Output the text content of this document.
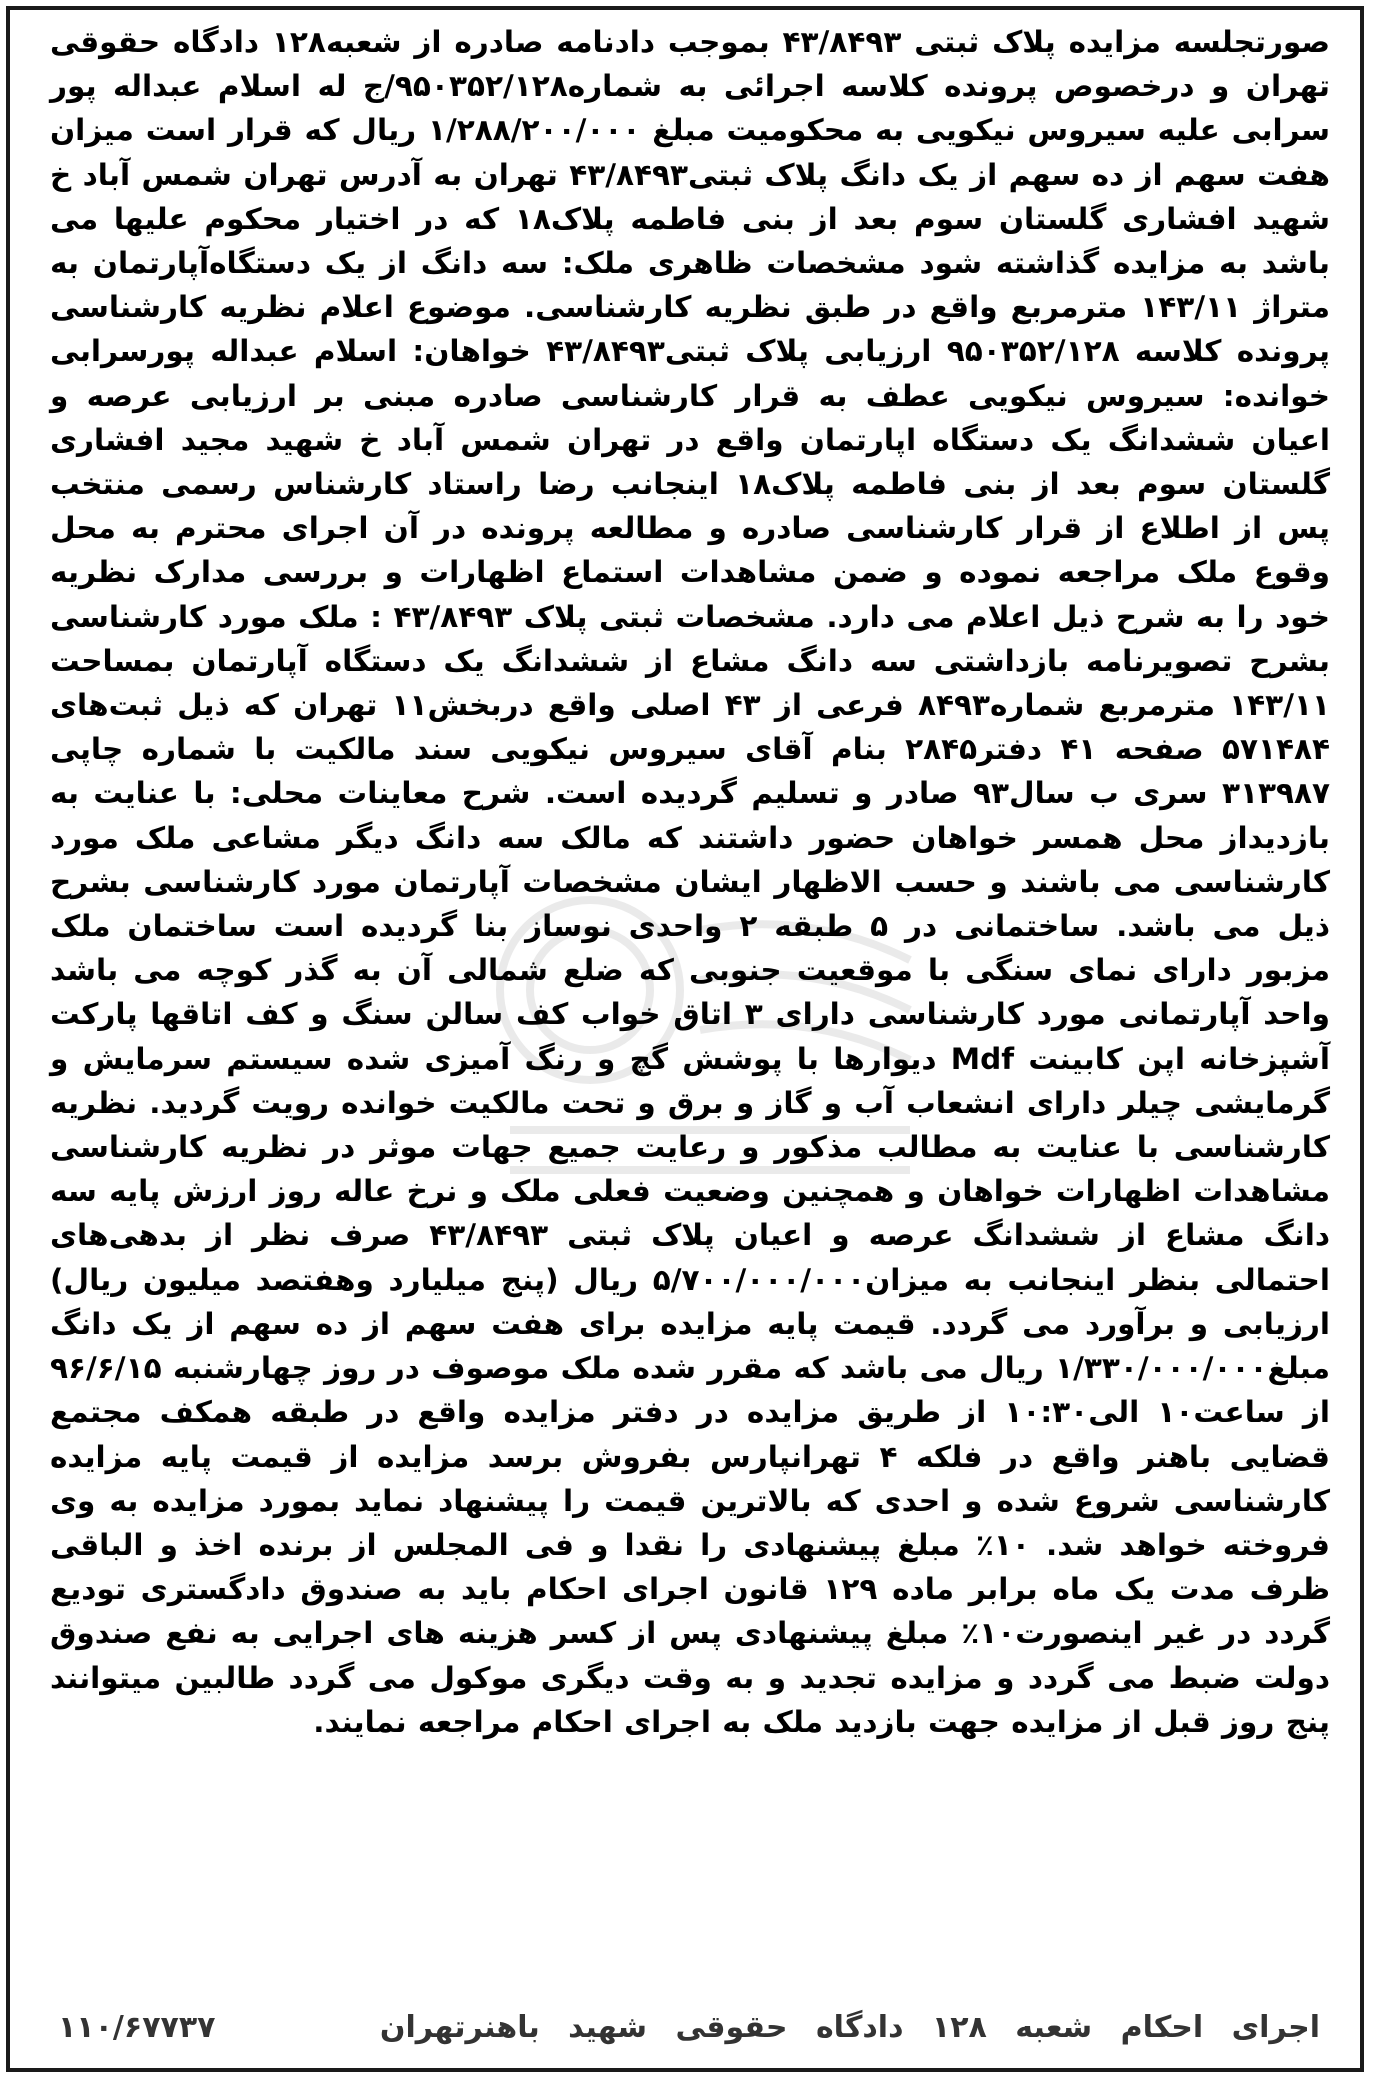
صورتجلسه مزایده پلاک ثبتی ۴۳/۸۴۹۳ بموجب دادنامه صادره از شعبه۱۲۸ دادگاه حقوقی تهران و درخصوص پرونده کلاسه اجرائی به شماره۹۵۰۳۵۲/۱۲۸/ج له اسلام عبداله پور سرابی علیه سیروس نیکویی به محکومیت مبلغ ۱/۲۸۸/۲۰۰/۰۰۰ ریال که قرار است میزان هفت سهم از ده سهم از یک دانگ پلاک ثبتی۴۳/۸۴۹۳ تهران به آدرس تهران شمس آباد خ شهید افشاری گلستان سوم بعد از بنی فاطمه پلاک۱۸ که در اختیار محکوم علیها می باشد به مزایده گذاشته شود مشخصات ظاهری ملک: سه دانگ از یک دستگاه‌آپارتمان به متراژ ۱۴۳/۱۱ مترمربع واقع در طبق نظریه کارشناسی. موضوع اعلام نظریه کارشناسی پرونده کلاسه ۹۵۰۳۵۲/۱۲۸ ارزیابی پلاک ثبتی۴۳/۸۴۹۳ خواهان: اسلام عبداله پورسرابی خوانده: سیروس نیکویی عطف به قرار کارشناسی صادره مبنی بر ارزیابی عرصه و اعیان ششدانگ یک دستگاه اپارتمان واقع در تهران شمس آباد خ شهید مجید افشاری گلستان سوم بعد از بنی فاطمه پلاک۱۸ اینجانب رضا راستاد کارشناس رسمی منتخب پس از اطلاع از قرار کارشناسی صادره و مطالعه پرونده در آن اجرای محترم به محل وقوع ملک مراجعه نموده و ضمن مشاهدات استماع اظهارات و بررسی مدارک نظریه خود را به شرح ذیل اعلام می دارد. مشخصات ثبتی پلاک ۴۳/۸۴۹۳ : ملک مورد کارشناسی بشرح تصویرنامه بازداشتی سه دانگ مشاع از ششدانگ یک دستگاه آپارتمان بمساحت ۱۴۳/۱۱ مترمربع شماره۸۴۹۳ فرعی از ۴۳ اصلی واقع دربخش۱۱ تهران که ذیل ثبت‌های ۵۷۱۴۸۴ صفحه ۴۱ دفتر۲۸۴۵ بنام آقای سیروس نیکویی سند مالکیت با شماره چاپی ۳۱۳۹۸۷ سری ب سال۹۳ صادر و تسلیم گردیده است. شرح معاینات محلی: با عنایت به بازدیداز محل همسر خواهان حضور داشتند که مالک سه دانگ دیگر مشاعی ملک مورد کارشناسی می باشند و حسب الاظهار ایشان مشخصات آپارتمان مورد کارشناسی بشرح ذیل می باشد. ساختمانی در ۵ طبقه ۲ واحدی نوساز بنا گردیده است ساختمان ملک مزبور دارای نمای سنگی با موقعیت جنوبی که ضلع شمالی آن به گذر کوچه می باشد واحد آپارتمانی مورد کارشناسی دارای ۳ اتاق خواب کف سالن سنگ و کف اتاقها پارکت آشپزخانه اپن کابینت Mdf دیوارها با پوشش گچ و رنگ آمیزی شده سیستم سرمایش و گرمایشی چیلر دارای انشعاب آب و گاز و برق و تحت مالکیت خوانده رویت گردید. نظریه کارشناسی با عنایت به مطالب مذکور و رعایت جمیع جهات موثر در نظریه کارشناسی مشاهدات اظهارات خواهان و همچنین وضعیت فعلی ملک و نرخ عاله روز ارزش پایه سه دانگ مشاع از ششدانگ عرصه و اعیان پلاک ثبتی ۴۳/۸۴۹۳ صرف نظر از بدهی‌های احتمالی بنظر اینجانب به میزان۵/۷۰۰/۰۰۰/۰۰۰ ریال (پنج میلیارد وهفتصد میلیون ریال) ارزیابی و برآورد می گردد. قیمت پایه مزایده برای هفت سهم از ده سهم از یک دانگ مبلغ۱/۳۳۰/۰۰۰/۰۰۰ ریال می باشد که مقرر شده ملک موصوف در روز چهارشنبه ۹۶/۶/۱۵ از ساعت۱۰ الی۱۰:۳۰ از طریق مزایده در دفتر مزایده واقع در طبقه همکف مجتمع قضایی باهنر واقع در فلکه ۴ تهرانپارس بفروش برسد مزایده از قیمت پایه مزایده کارشناسی شروع شده و احدی که بالاترین قیمت را پیشنهاد نماید بمورد مزایده به وی فروخته خواهد شد. ۱۰٪ مبلغ پیشنهادی را نقدا و فی المجلس از برنده اخذ و الباقی ظرف مدت یک ماه برابر ماده ۱۲۹ قانون اجرای احکام باید به صندوق دادگستری تودیع گردد در غیر اینصورت۱۰٪ مبلغ پیشنهادی پس از کسر هزینه های اجرایی به نفع صندوق دولت ضبط می گردد و مزایده تجدید و به وقت دیگری موکول می گردد طالبین میتوانند پنج روز قبل از مزایده جهت بازدید ملک به اجرای احکام مراجعه نمایند.

اجرای احکام شعبه ۱۲۸ دادگاه حقوقی شهید باهنرتهران
۱۱۰/۶۷۷۳۷
